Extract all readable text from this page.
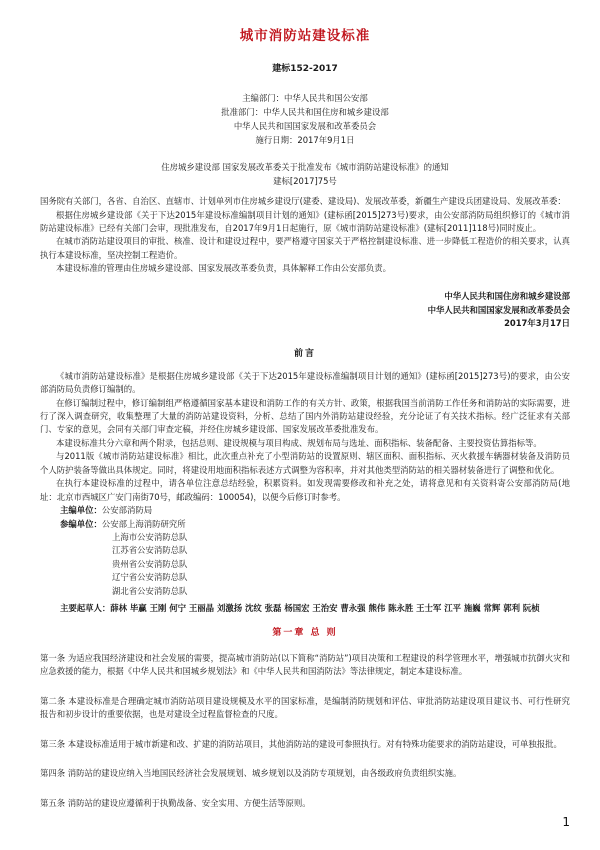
城市消防站建设标准
建标152-2017

主编部门：中华人民共和国公安部

批准部门：中华人民共和国住房和城乡建设部

中华人民共和国国家发展和改革委员会

施行日期：2017年9月1日

住房城乡建设部 国家发展改革委关于批准发布《城市消防站建设标准》的通知

建标[2017]75号

国务院有关部门，各省、自治区、直辖市、计划单列市住房城乡建设厅(建委、建设局)、发展改革委，新疆生产建设兵团建设局、发展改革委：

根据住房城乡建设部《关于下达2015年建设标准编制项目计划的通知》(建标函[2015]273号)要求，由公安部消防局组织修订的《城市消防站建设标准》已经有关部门会审，现批准发布，自2017年9月1日起施行，原《城市消防站建设标准》(建标[2011]118号)同时废止。

在城市消防站建设项目的审批、核准、设计和建设过程中，要严格遵守国家关于严格控制建设标准、进一步降低工程造价的相关要求，认真执行本建设标准，坚决控制工程造价。

本建设标准的管理由住房城乡建设部、国家发展改革委负责，具体解释工作由公安部负责。

中华人民共和国住房和城乡建设部

中华人民共和国国家发展和改革委员会

2017年3月17日

前言

《城市消防站建设标准》是根据住房城乡建设部《关于下达2015年建设标准编制项目计划的通知》(建标函[2015]273号)的要求，由公安部消防局负责修订编制的。

在修订编制过程中，修订编制组严格遵循国家基本建设和消防工作的有关方针、政策，根据我国当前消防工作任务和消防站的实际需要，进行了深入调查研究，收集整理了大量的消防站建设资料，分析、总结了国内外消防站建设经验，充分论证了有关技术指标。经广泛征求有关部门、专家的意见，会同有关部门审查定稿，并经住房城乡建设部、国家发展改革委批准发布。

本建设标准共分六章和两个附录，包括总则、建设规模与项目构成、规划布局与选址、面积指标、装备配备、主要投资估算指标等。

与2011版《城市消防站建设标准》相比，此次重点补充了小型消防站的设置原则、辖区面积、面积指标、灭火救援车辆器材装备及消防员个人防护装备等做出具体规定。同时，将建设用地面积指标表述方式调整为容积率，并对其他类型消防站的相关器材装备进行了调整和优化。

在执行本建设标准的过程中，请各单位注意总结经验，积累资料。如发现需要修改和补充之处，请将意见和有关资料寄公安部消防局(地址：北京市西城区广安门南街70号，邮政编码：100054)，以便今后修订时参考。

主编单位：公安部消防局

参编单位：公安部上海消防研究所

上海市公安消防总队

江苏省公安消防总队

贵州省公安消防总队

辽宁省公安消防总队

湖北省公安消防总队

主要起草人：薛林 毕赢 王刚 何宁 王丽晶 刘激扬 沈纹 张磊 杨国宏 王治安 曹永强 熊伟 陈永胜 王士军 江平 施巍 常辉 郭利 阮桢

第一章 总 则

第一条 为适应我国经济建设和社会发展的需要，提高城市消防站(以下简称“消防站”)项目决策和工程建设的科学管理水平，增强城市抗御火灾和应急救援的能力，根据《中华人民共和国城乡规划法》和《中华人民共和国消防法》等法律规定，制定本建设标准。

第二条 本建设标准是合理确定城市消防站项目建设规模及水平的国家标准，是编制消防规划和评估、审批消防站建设项目建议书、可行性研究报告和初步设计的重要依据，也是对建设全过程监督检查的尺度。

第三条 本建设标准适用于城市新建和改、扩建的消防站项目，其他消防站的建设可参照执行。对有特殊功能要求的消防站建设，可单独报批。

第四条 消防站的建设应纳入当地国民经济社会发展规划、城乡规划以及消防专项规划，由各级政府负责组织实施。

第五条 消防站的建设应遵循利于执勤战备、安全实用、方便生活等原则。

1
